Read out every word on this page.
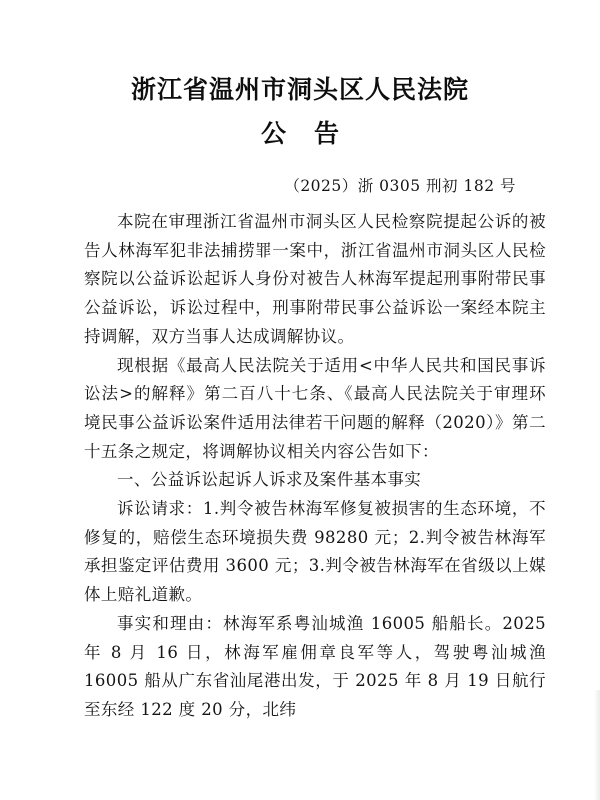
浙江省温州市洞头区人民法院
公告
（2025）浙 0305 刑初 182 号

本院在审理浙江省温州市洞头区人民检察院提起公诉的被告人林海军犯非法捕捞罪一案中，浙江省温州市洞头区人民检察院以公益诉讼起诉人身份对被告人林海军提起刑事附带民事公益诉讼，诉讼过程中，刑事附带民事公益诉讼一案经本院主持调解，双方当事人达成调解协议。

现根据《最高人民法院关于适用<中华人民共和国民事诉讼法>的解释》第二百八十七条、《最高人民法院关于审理环境民事公益诉讼案件适用法律若干问题的解释（2020）》第二十五条之规定，将调解协议相关内容公告如下：

一、公益诉讼起诉人诉求及案件基本事实

诉讼请求：1.判令被告林海军修复被损害的生态环境，不修复的，赔偿生态环境损失费 98280 元；2.判令被告林海军承担鉴定评估费用 3600 元；3.判令被告林海军在省级以上媒体上赔礼道歉。

事实和理由：林海军系粤汕城渔 16005 船船长。2025 年 8 月 16 日，林海军雇佣章良军等人，驾驶粤汕城渔 16005 船从广东省汕尾港出发，于 2025 年 8 月 19 日航行至东经 122 度 20 分，北纬
